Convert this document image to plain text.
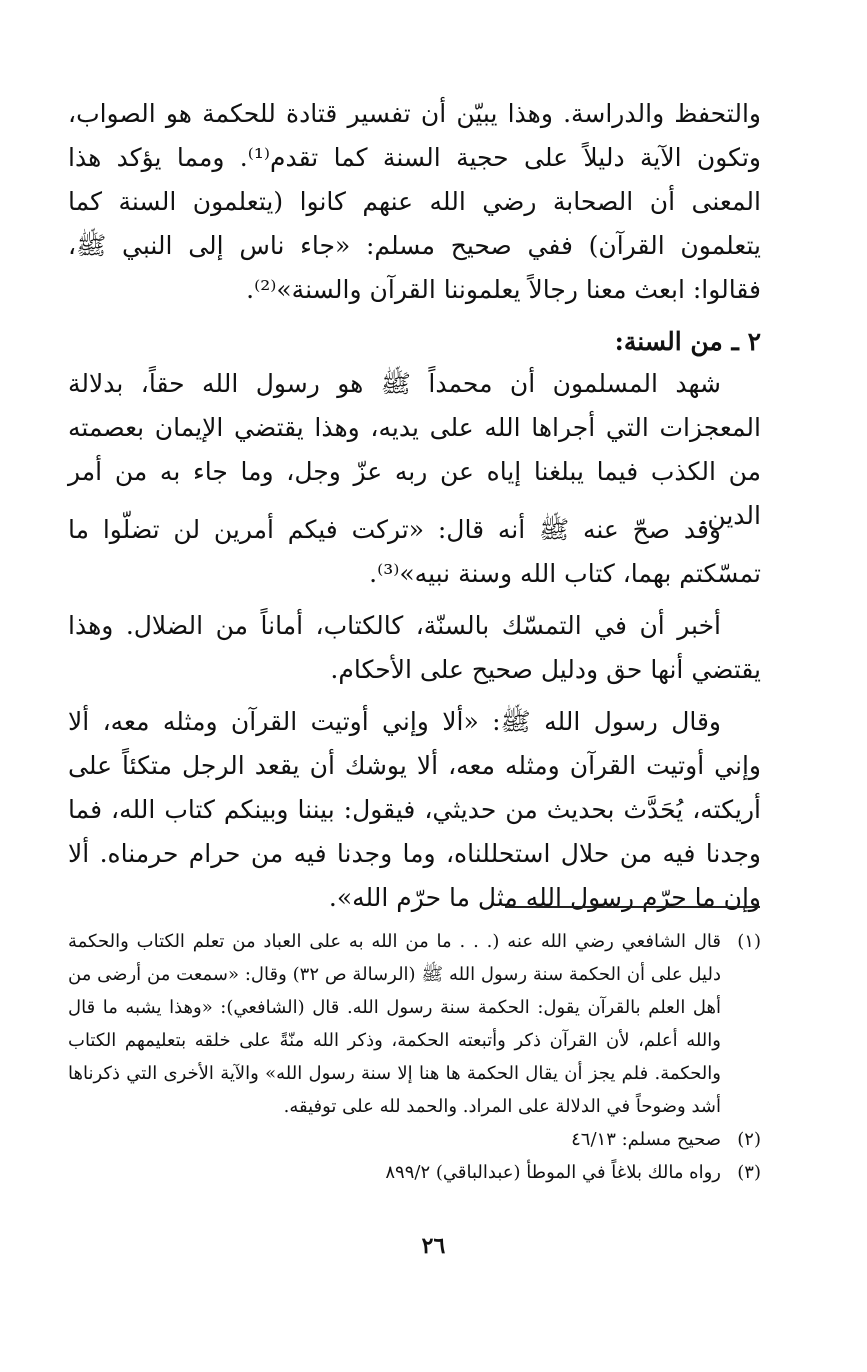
والتحفظ والدراسة. وهذا يبيّن أن تفسير قتادة للحكمة هو الصواب، وتكون الآية دليلاً على حجية السنة كما تقدم⁽¹⁾. ومما يؤكد هذا المعنى أن الصحابة رضي الله عنهم كانوا (يتعلمون السنة كما يتعلمون القرآن) ففي صحيح مسلم: «جاء ناس إلى النبي ﷺ، فقالوا: ابعث معنا رجالاً يعلموننا القرآن والسنة»⁽²⁾.

٢ ـ من السنة:

شهد المسلمون أن محمداً ﷺ هو رسول الله حقاً، بدلالة المعجزات التي أجراها الله على يديه، وهذا يقتضي الإيمان بعصمته من الكذب فيما يبلغنا إياه عن ربه عزّ وجل، وما جاء به من أمر الدين.

وقد صحّ عنه ﷺ أنه قال: «تركت فيكم أمرين لن تضلّوا ما تمسّكتم بهما، كتاب الله وسنة نبيه»⁽³⁾.

أخبر أن في التمسّك بالسنّة، كالكتاب، أماناً من الضلال. وهذا يقتضي أنها حق ودليل صحيح على الأحكام.

وقال رسول الله ﷺ: «ألا وإني أوتيت القرآن ومثله معه، ألا وإني أوتيت القرآن ومثله معه، ألا يوشك أن يقعد الرجل متكئاً على أريكته، يُحَدَّث بحديث من حديثي، فيقول: بيننا وبينكم كتاب الله، فما وجدنا فيه من حلال استحللناه، وما وجدنا فيه من حرام حرمناه. ألا وإن ما حرّم رسول الله مثل ما حرّم الله».

(١)
قال الشافعي رضي الله عنه (. . . ما من الله به على العباد من تعلم الكتاب والحكمة دليل على أن الحكمة سنة رسول الله ﷺ (الرسالة ص ٣٢) وقال: «سمعت من أرضى من أهل العلم بالقرآن يقول: الحكمة سنة رسول الله. قال (الشافعي): «وهذا يشبه ما قال والله أعلم، لأن القرآن ذكر وأتبعته الحكمة، وذكر الله منّةً على خلقه بتعليمهم الكتاب والحكمة. فلم يجز أن يقال الحكمة ها هنا إلا سنة رسول الله» والآية الأخرى التي ذكرناها أشد وضوحاً في الدلالة على المراد. والحمد لله على توفيقه.
(٢)
صحيح مسلم: ٤٦/١٣
(٣)
رواه مالك بلاغاً في الموطأ (عبدالباقي) ٨٩٩/٢
٢٦
